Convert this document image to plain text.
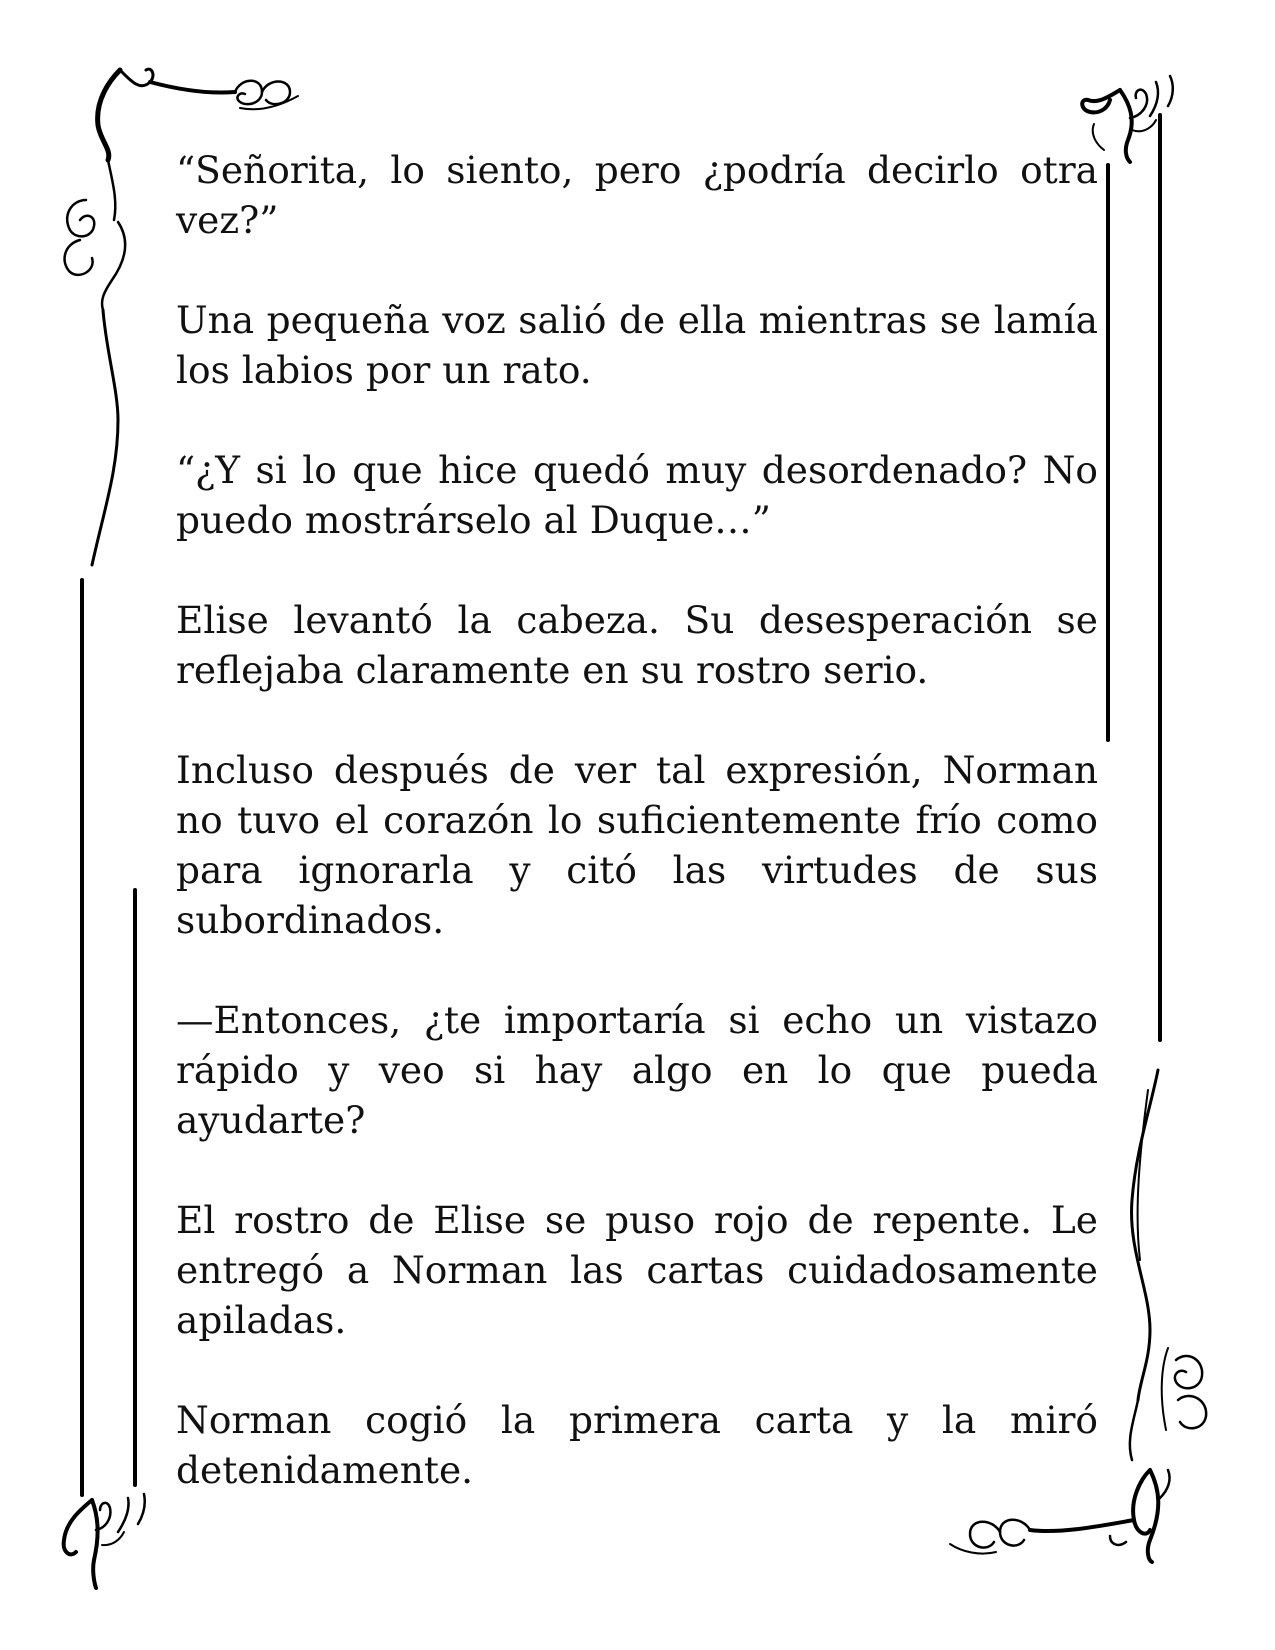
“Señorita, lo siento, pero ¿podría decirlo otra vez?”

Una pequeña voz salió de ella mientras se lamía los labios por un rato.

“¿Y si lo que hice quedó muy desordenado? No puedo mostrárselo al Duque…”

Elise levantó la cabeza. Su desesperación se reflejaba claramente en su rostro serio.

Incluso después de ver tal expresión, Norman no tuvo el corazón lo suficientemente frío como para ignorarla y citó las virtudes de sus subordinados.

—Entonces, ¿te importaría si echo un vistazo rápido y veo si hay algo en lo que pueda ayudarte?

El rostro de Elise se puso rojo de repente. Le entregó a Norman las cartas cuidadosamente apiladas.

Norman cogió la primera carta y la miró detenidamente.
